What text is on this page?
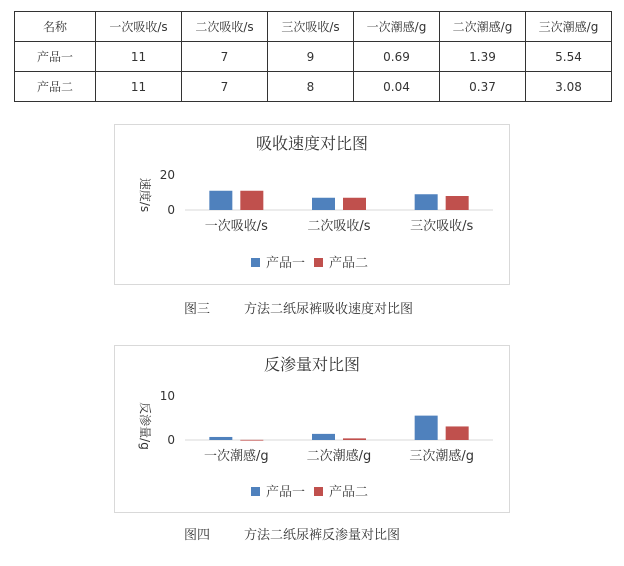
名称	一次吸收/s	二次吸收/s	三次吸收/s	一次潮感/g	二次潮感/g	三次潮感/g
产品一	11	7	9	0.69	1.39	5.54
产品二	11	7	8	0.04	0.37	3.08
吸收速度对比图
速度/s 0
20
一次吸收/s	二次吸收/s	三次吸收/s
产品一 产品二
图三	方法二纸尿裤吸收速度对比图
反渗量对比图
反渗量/g 0
10
一次潮感/g	二次潮感/g	三次潮感/g
产品一 产品二
图四	方法二纸尿裤反渗量对比图
